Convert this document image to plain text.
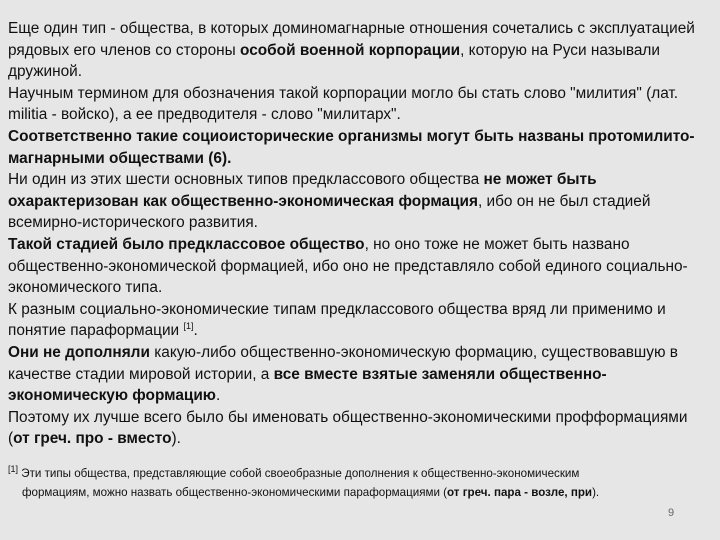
Еще один тип - общества, в которых доминомагнарные отношения сочетались с эксплуатацией рядовых его членов со стороны особой военной корпорации, которую на Руси называли дружиной.

Научным термином для обозначения такой корпорации могло бы стать слово "милития" (лат. militia - войско), а ее предводителя - слово "милитарх".

Соответственно такие социоисторические организмы могут быть названы протомилито-магнарными обществами (6).

Ни один из этих шести основных типов предклассового общества не может быть охарактеризован как общественно-экономическая формация, ибо он не был стадией всемирно-исторического развития.

Такой стадией было предклассовое общество, но оно тоже не может быть названо общественно-экономической формацией, ибо оно не представляло собой единого социально-экономического типа.

К разным социально-экономические типам предклассового общества вряд ли применимо и понятие параформации [1].

Они не дополняли какую-либо общественно-экономическую формацию, существовавшую в качестве стадии мировой истории, а все вместе взятые заменяли общественно-экономическую формацию.

Поэтому их лучше всего было бы именовать общественно-экономическими профформациями (от греч. про - вместо).

[1] Эти типы общества, представляющие собой своеобразные дополнения к общественно-экономическим

формациям, можно назвать общественно-экономическими параформациями (от греч. пара - возле, при).

9
